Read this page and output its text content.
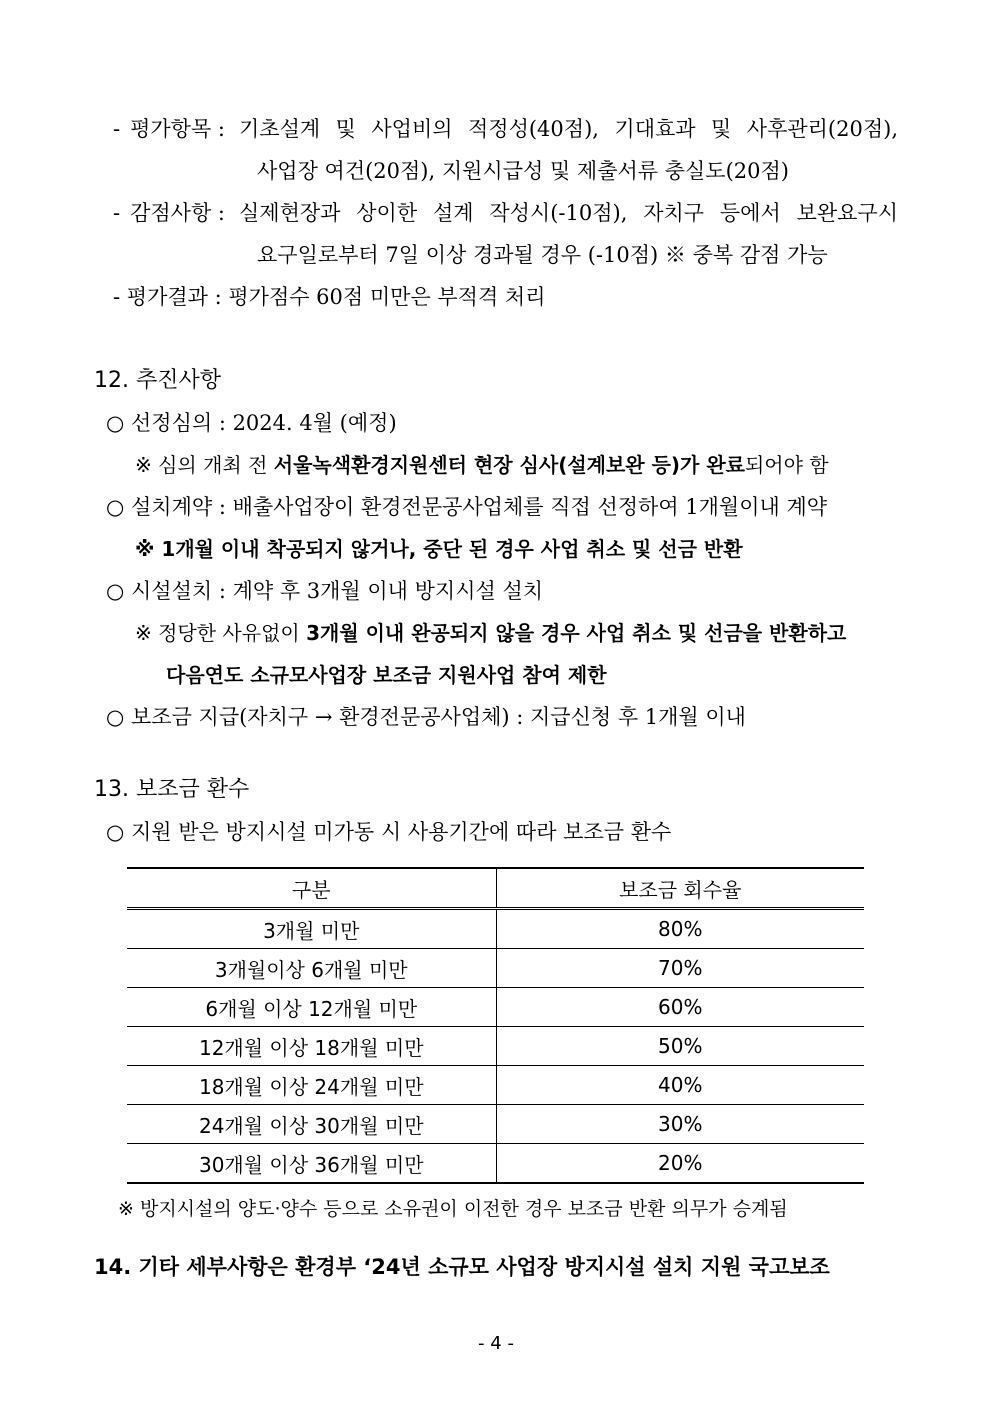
- 평가항목 : 기초설계 및 사업비의 적정성(40점), 기대효과 및 사후관리(20점),
사업장 여건(20점), 지원시급성 및 제출서류 충실도(20점)
- 감점사항 : 실제현장과 상이한 설계 작성시(-10점), 자치구 등에서 보완요구시
요구일로부터 7일 이상 경과될 경우 (-10점) ※ 중복 감점 가능
- 평가결과 : 평가점수 60점 미만은 부적격 처리
12. 추진사항
○ 선정심의 : 2024. 4월 (예정)
※ 심의 개최 전 서울녹색환경지원센터 현장 심사(설계보완 등)가 완료되어야 함
○ 설치계약 : 배출사업장이 환경전문공사업체를 직접 선정하여 1개월이내 계약
※ 1개월 이내 착공되지 않거나, 중단 된 경우 사업 취소 및 선금 반환
○ 시설설치 : 계약 후 3개월 이내 방지시설 설치
※ 정당한 사유없이 3개월 이내 완공되지 않을 경우 사업 취소 및 선금을 반환하고
다음연도 소규모사업장 보조금 지원사업 참여 제한
○ 보조금 지급(자치구 → 환경전문공사업체) : 지급신청 후 1개월 이내
13. 보조금 환수
○ 지원 받은 방지시설 미가동 시 사용기간에 따라 보조금 환수
구분	보조금 회수율
3개월 미만	80%
3개월이상 6개월 미만	70%
6개월 이상 12개월 미만	60%
12개월 이상 18개월 미만	50%
18개월 이상 24개월 미만	40%
24개월 이상 30개월 미만	30%
30개월 이상 36개월 미만	20%
※ 방지시설의 양도·양수 등으로 소유권이 이전한 경우 보조금 반환 의무가 승계됨
14. 기타 세부사항은 환경부 ‘24년 소규모 사업장 방지시설 설치 지원 국고보조
- 4 -
